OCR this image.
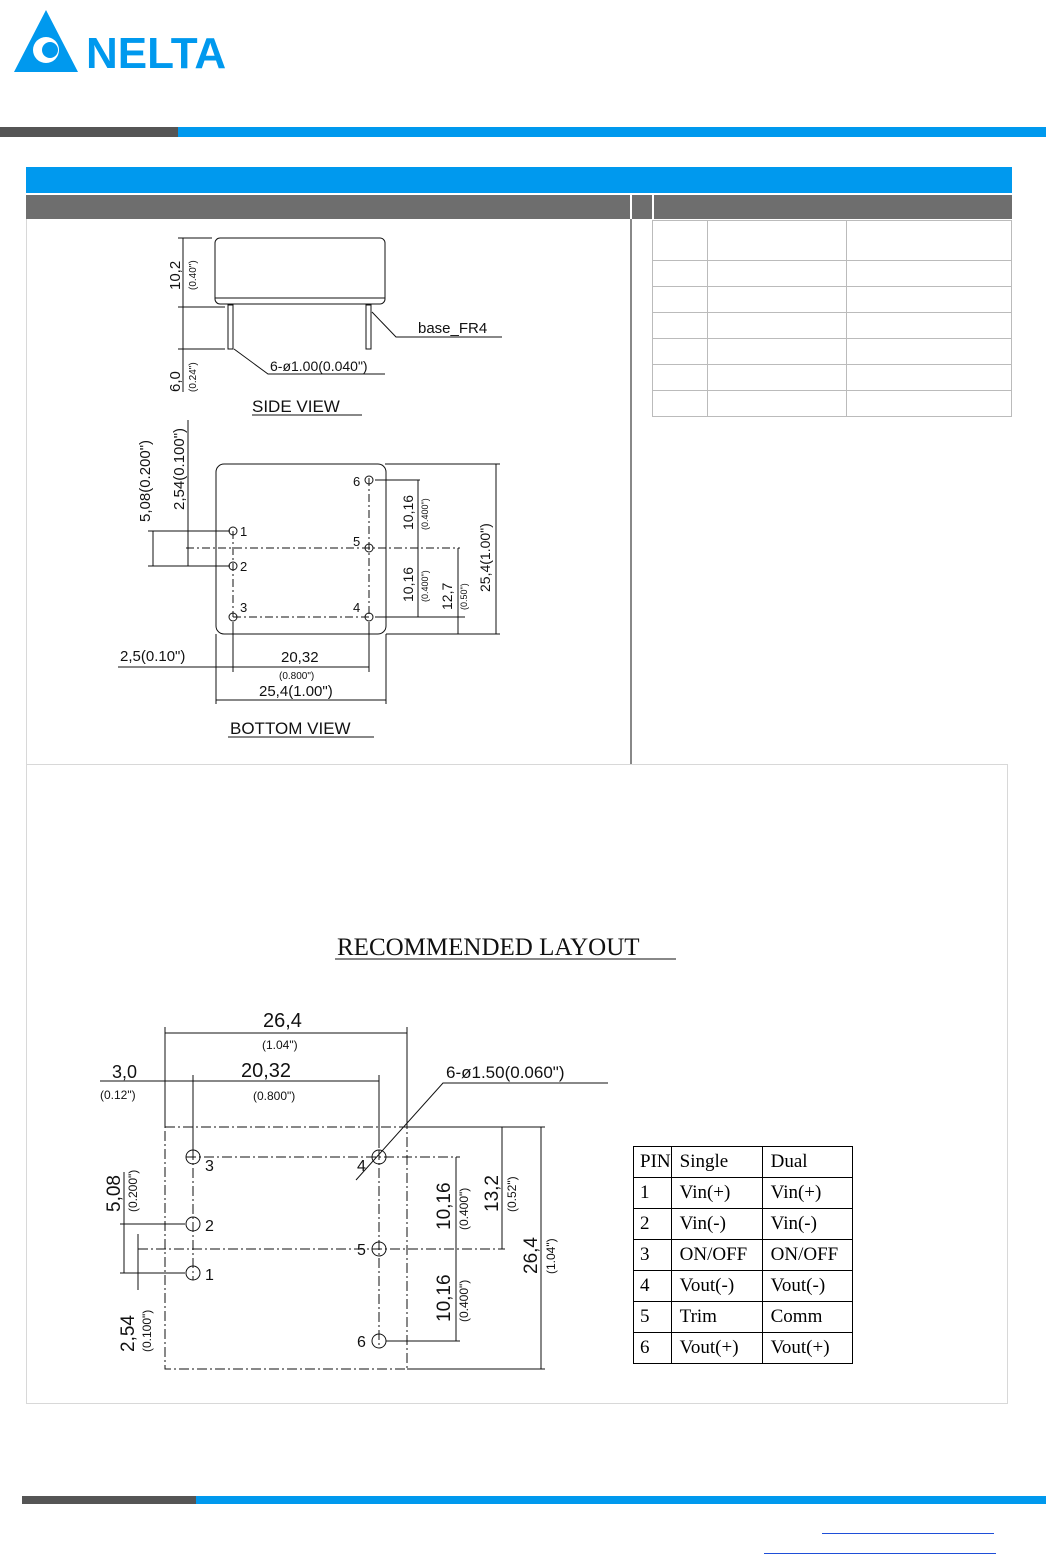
NELTA

10,2 (0.40")
6,0 (0.24")
base_FR4
6-ø1.00(0.040")
SIDE VIEW
5,08(0.200") 2,54(0.100")
1
2
3	4
5
6
10,16 (0.400")
10,16 (0.400") 12,7 (0.50")
25,4(1.00")
2,5(0.10")	20,32
(0.800")
25,4(1.00")
BOTTOM VIEW
RECOMMENDED LAYOUT
26,4
(1.04")
3,0
(0.12")
20,32
(0.800")
6-ø1.50(0.060")
3
2
1
4
5
6
5,08 (0.200")
2,54 (0.100")
10,16 (0.400")
10,16 (0.400")
13,2 (0.52")
26,4 (1.04")
PIN	Single	Dual
1	Vin(+)	Vin(+)
2	Vin(-)	Vin(-)
3	ON/OFF	ON/OFF
4	Vout(-)	Vout(-)
5	Trim	Comm
6	Vout(+)	Vout(+)
